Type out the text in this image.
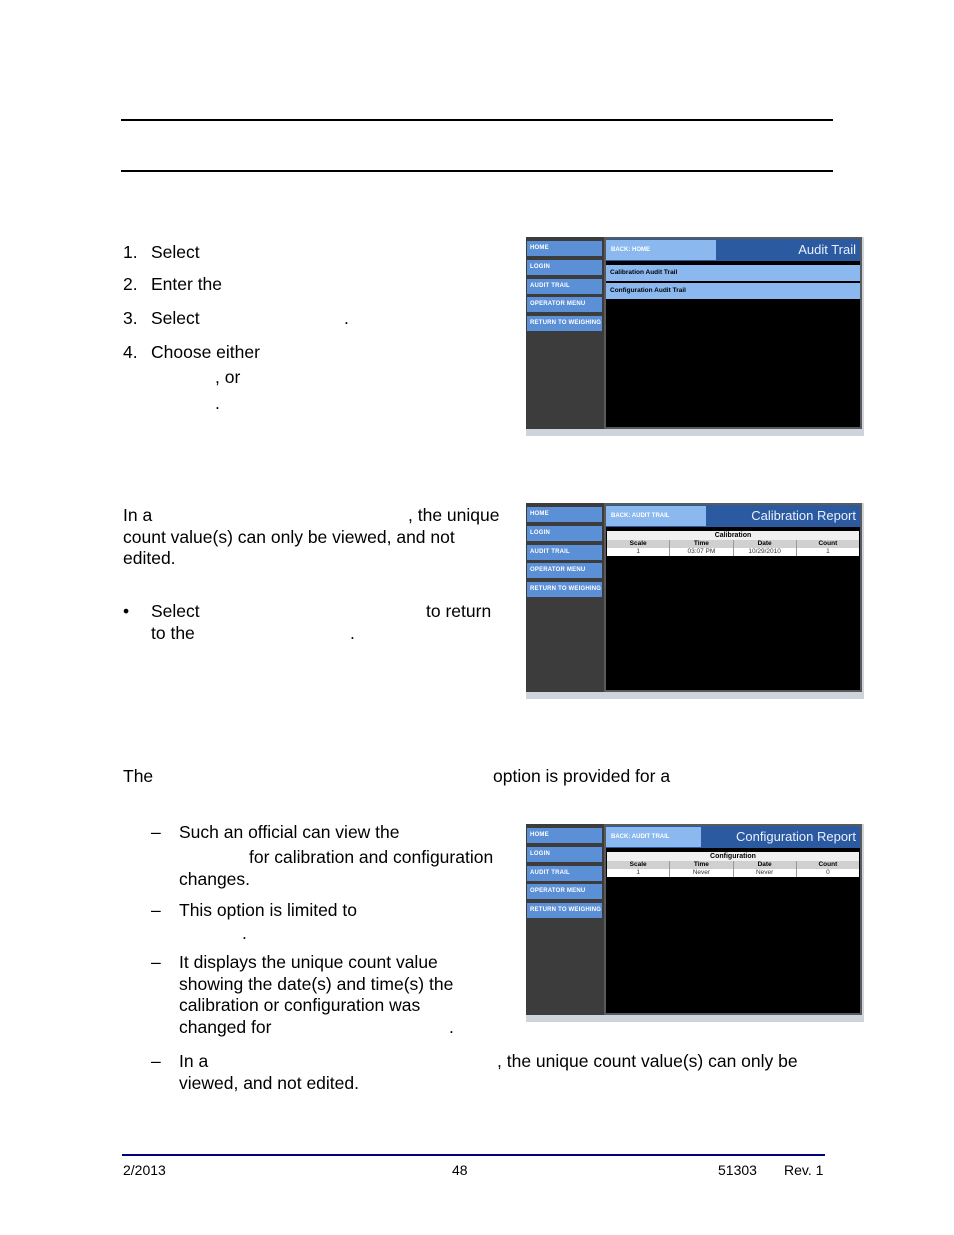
1. Select
2. Enter the
3. Select	.
4. Choose either
, or
.
In a	, the unique
count value(s) can only be viewed, and not
edited.
• Select	to return
to the	.
The	option is provided for a
– Such an official can view the
for calibration and configuration
changes.
– This option is limited to
.
– It displays the unique count value
showing the date(s) and time(s) the
calibration or configuration was
changed for	.
– In a	, the unique count value(s) can only be
viewed, and not edited.
HOME
LOGIN
AUDIT TRAIL
OPERATOR MENU
RETURN TO WEIGHING
BACK: HOME	Audit Trail
Calibration Audit Trail
Configuration Audit Trail
HOME
LOGIN
AUDIT TRAIL
OPERATOR MENU
RETURN TO WEIGHING
BACK: AUDIT TRAIL	Calibration Report
Calibration
Scale	Time	Date	Count
1	03:07 PM	10/29/2010	1
HOME
LOGIN
AUDIT TRAIL
OPERATOR MENU
RETURN TO WEIGHING
BACK: AUDIT TRAIL	Configuration Report
Configuration
Scale	Time	Date	Count
1	Never	Never	0
2/2013	48	51303 Rev. 1
